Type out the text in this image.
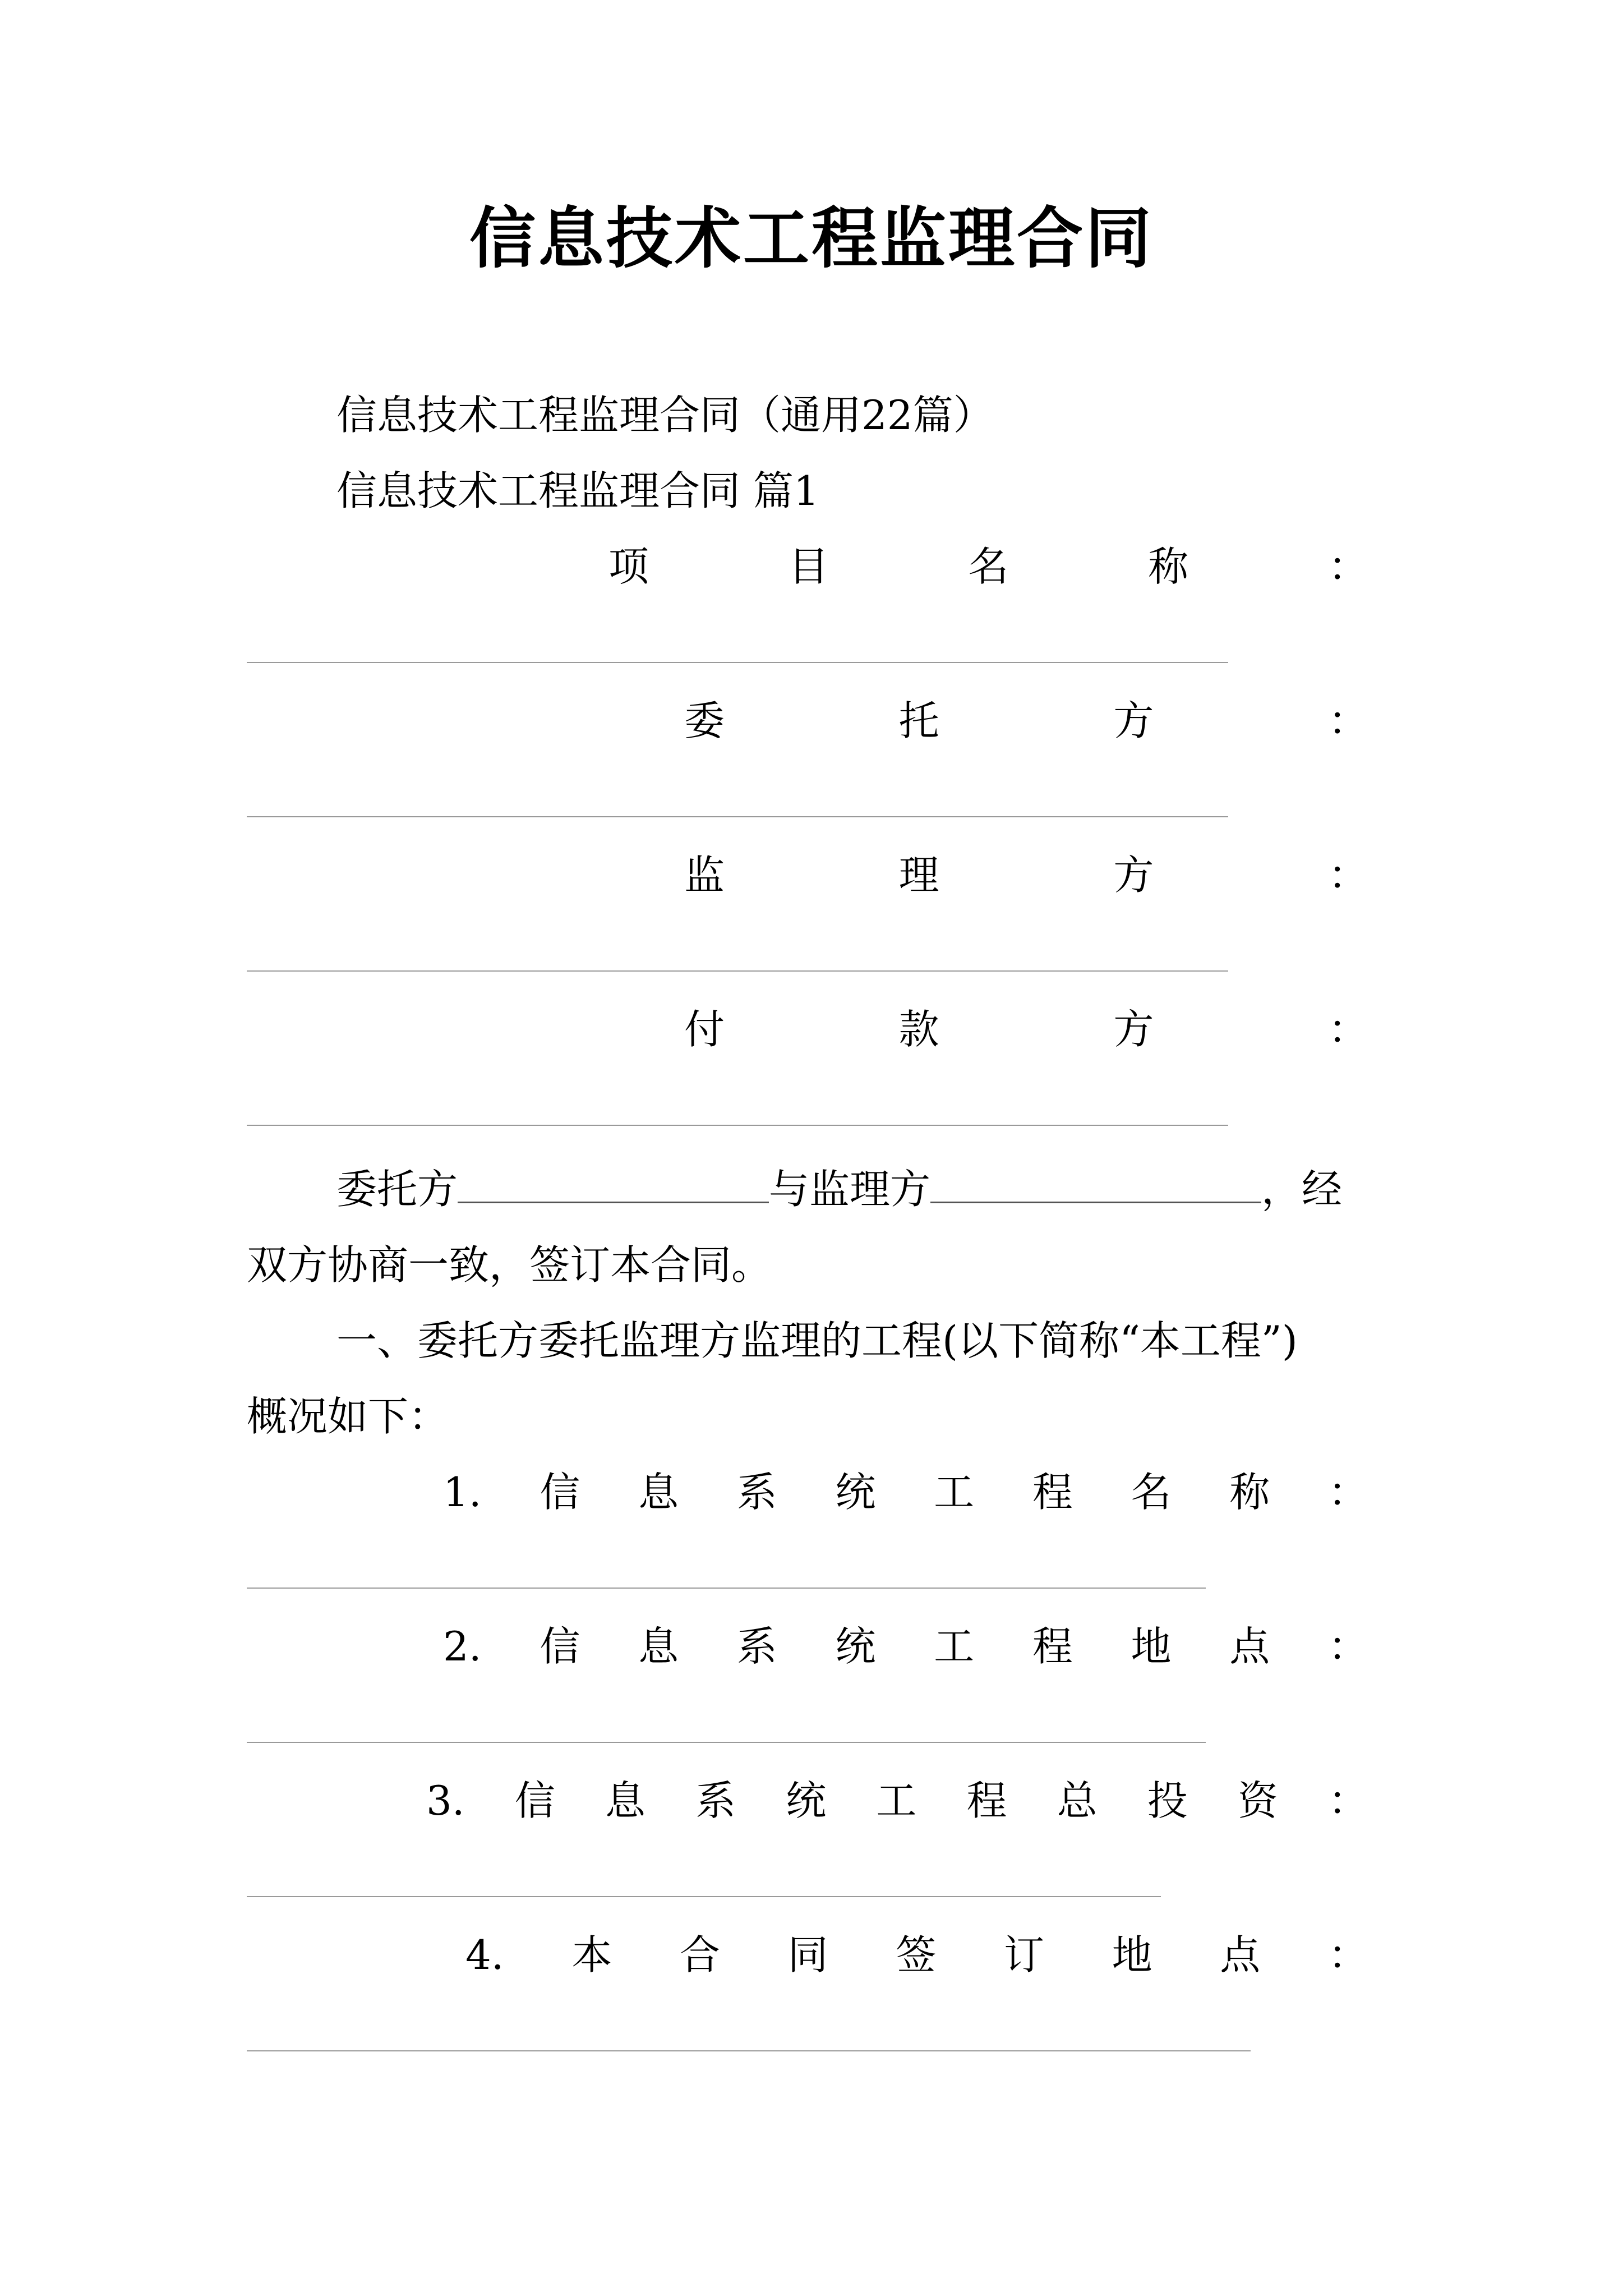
信息技术工程监理合同
信息技术工程监理合同（通用22篇）
信息技术工程监理合同 篇1
项	目	名	称	：
委	托	方	：
监	理	方	：
付	款	方	：
委托方	与监理方	，经
双方协商一致，签订本合同。
一、委托方委托监理方监理的工程(以下简称“本工程”)
概况如下：
1. 信 息 系 统 工 程 名 称 ：
2. 信 息 系 统 工 程 地 点 ：
3. 信 息 系 统 工 程 总 投 资 ：
4. 本 合 同 签 订 地 点 ：
